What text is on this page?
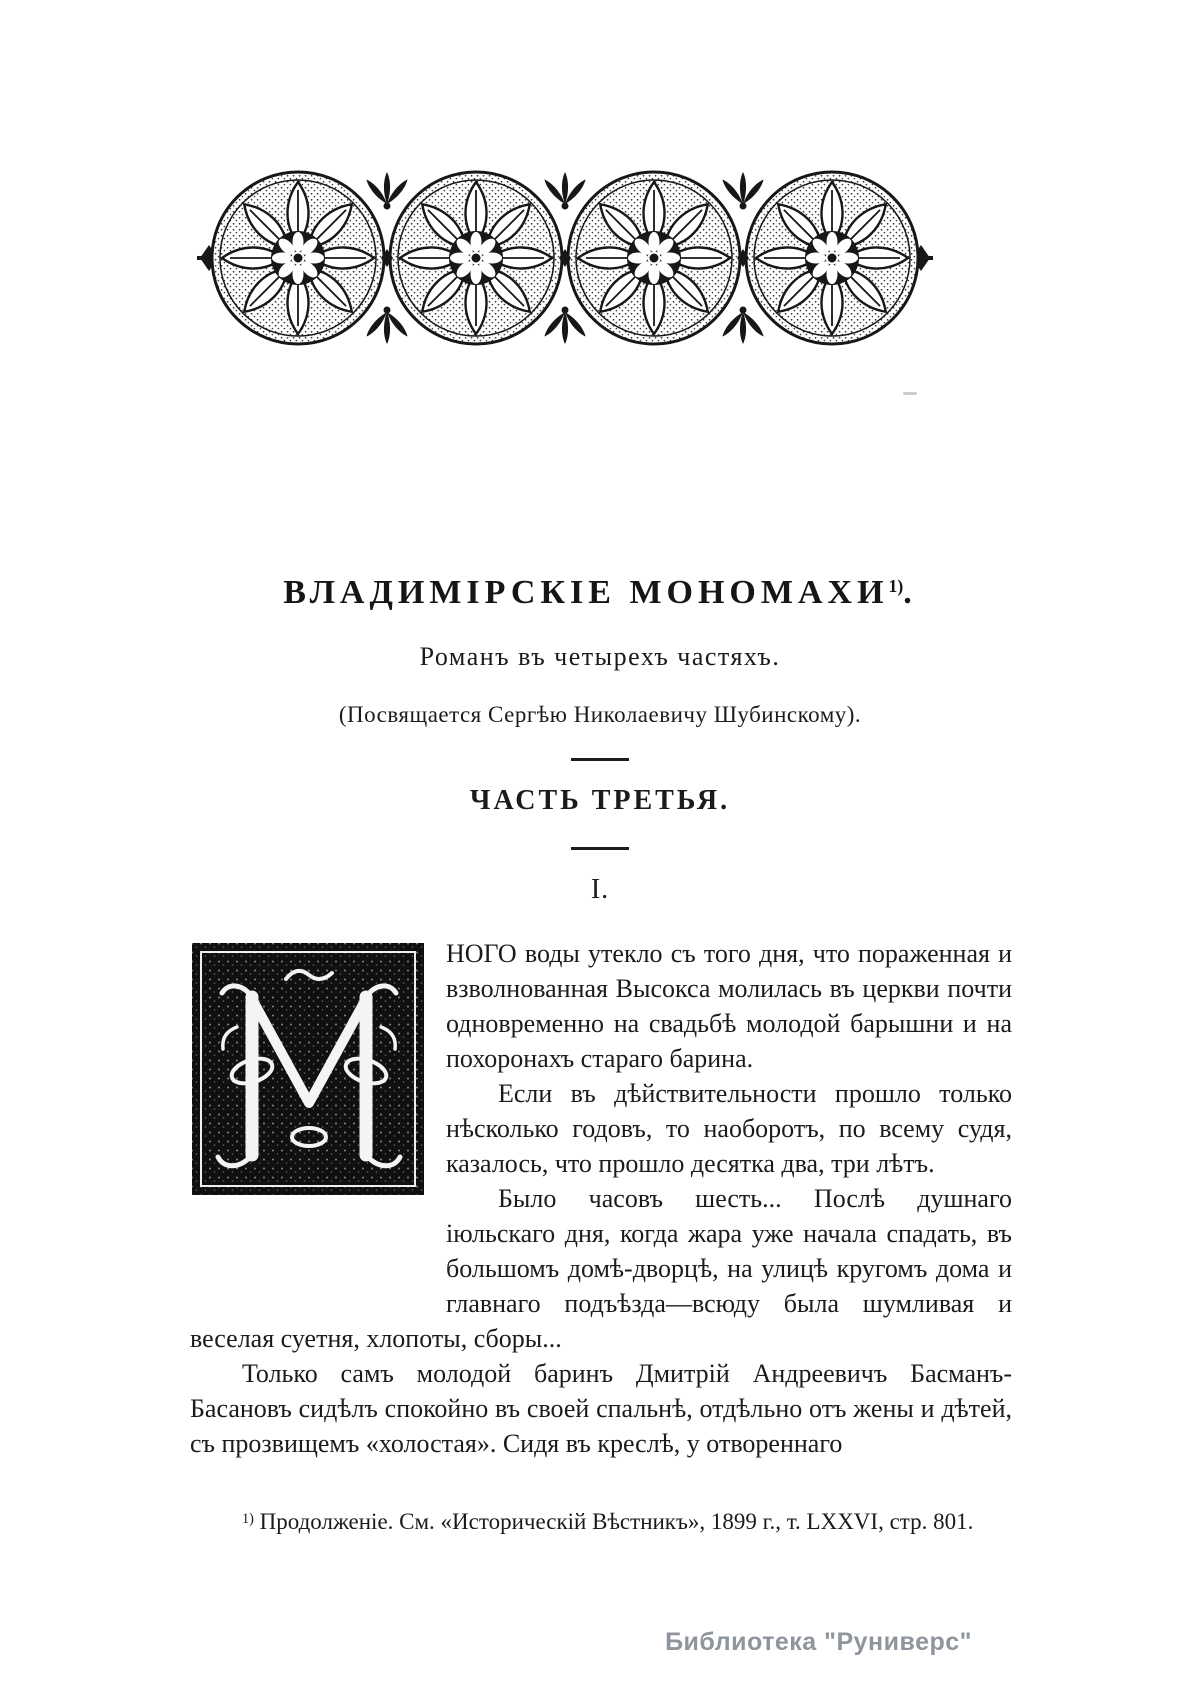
ВЛАДИМІРСКІЕ МОНОМАХИ$^{1)}$.
Романъ въ четырехъ частяхъ.
(Посвящается Сергѣю Николаевичу Шубинскому).
ЧАСТЬ ТРЕТЬЯ.
I.

НОГО воды утекло съ того дня, что пораженная и взволнованная Высокса молилась въ церкви почти одновременно на свадьбѣ молодой барышни и на похоронахъ стараго барина.

Если въ дѣйствительности прошло только нѣсколько годовъ, то наоборотъ, по всему судя, казалось, что прошло десятка два, три лѣтъ.

Было часовъ шесть... Послѣ душнаго іюльскаго дня, когда жара уже начала спадать, въ большомъ домѣ-дворцѣ, на улицѣ кругомъ дома и главнаго подъѣзда—всюду была шумливая и веселая суетня, хлопоты, сборы...

Только самъ молодой баринъ Дмитрій Андреевичъ Басманъ-Басановъ сидѣлъ спокойно въ своей спальнѣ, отдѣльно отъ жены и дѣтей, съ прозвищемъ «холостая». Сидя въ креслѣ, у отвореннаго

$^{1)}$ Продолженіе. См. «Историческій Вѣстникъ», 1899 г., т. LXXVI, стр. 801.
Библиотека "Руниверс"
